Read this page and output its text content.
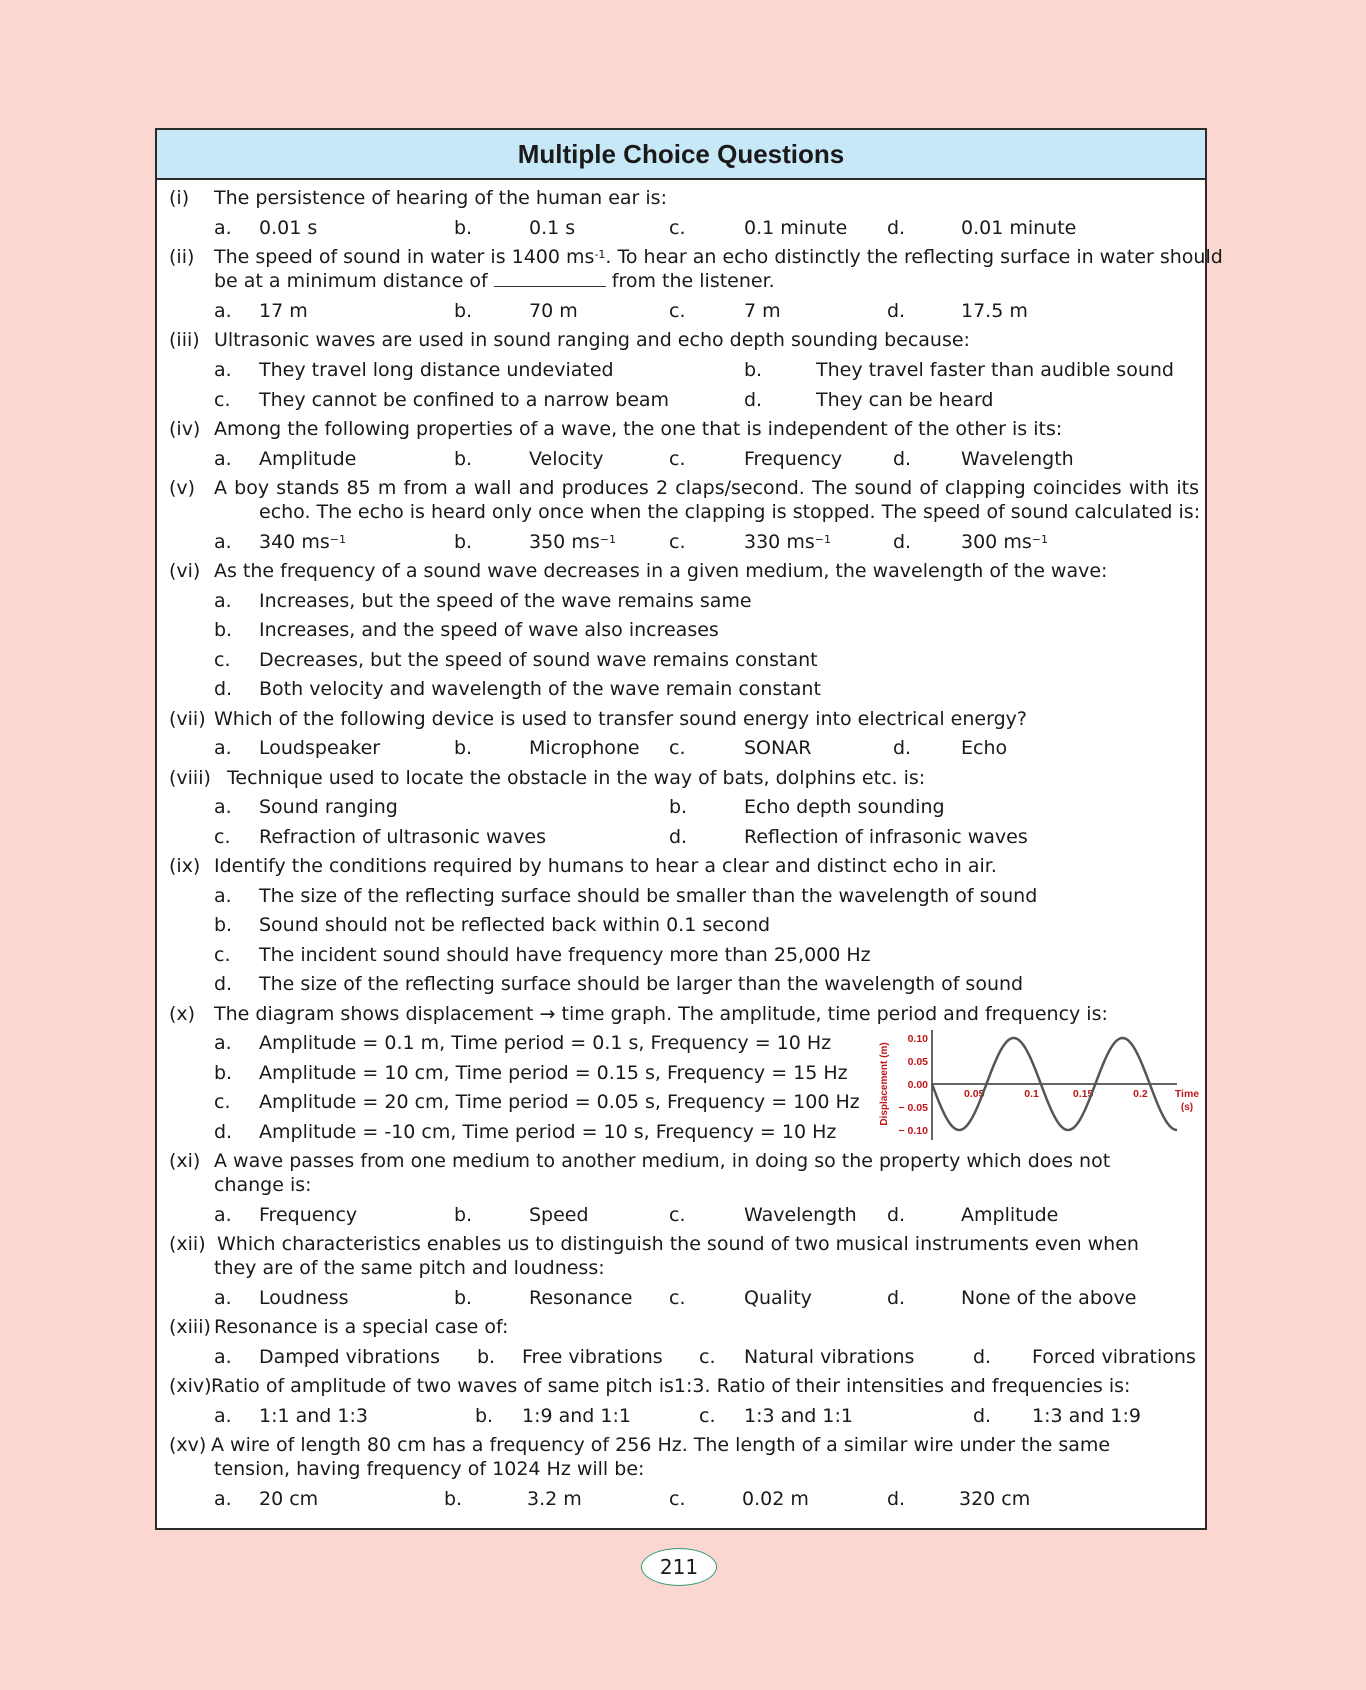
Multiple Choice Questions
(i) The persistence of hearing of the human ear is:
a. 0.01 s	b.	0.1 s	c.	0.1 minute d.	0.01 minute
(ii) The speed of sound in water is 1400 $ms^{-1}$. To hear an echo distinctly the reflecting surface in water should
be at a minimum distance of	from the listener.
a. 17 m	b.	70 m	c.	7 m	d.	17.5 m
(iii) Ultrasonic waves are used in sound ranging and echo depth sounding because:
a. They travel long distance undeviated	b.	They travel faster than audible sound
c. They cannot be confined to a narrow beam	d.	They can be heard
(iv) Among the following properties of a wave, the one that is independent of the other is its:
a. Amplitude	b.	Velocity	c.	Frequency	d.	Wavelength
(v) A boy stands 85 m from a wall and produces 2 claps/second. The sound of clapping coincides with its
echo. The echo is heard only once when the clapping is stopped. The speed of sound calculated is:
a. 340 $ms^{-1}$	b.	350 $ms^{-1}$	c.	330 $ms^{-1}$	d.	300 $ms^{-1}$
(vi) As the frequency of a sound wave decreases in a given medium, the wavelength of the wave:
a. Increases, but the speed of the wave remains same
b. Increases, and the speed of wave also increases
c. Decreases, but the speed of sound wave remains constant
d. Both velocity and wavelength of the wave remain constant
(vii) Which of the following device is used to transfer sound energy into electrical energy?
a. Loudspeaker	b.	Microphone c.	SONAR	d.	Echo
(viii) Technique used to locate the obstacle in the way of bats, dolphins etc. is:
a. Sound ranging	b.	Echo depth sounding
c. Refraction of ultrasonic waves	d.	Reflection of infrasonic waves
(ix) Identify the conditions required by humans to hear a clear and distinct echo in air.
a. The size of the reflecting surface should be smaller than the wavelength of sound
b. Sound should not be reflected back within 0.1 second
c. The incident sound should have frequency more than 25,000 Hz
d. The size of the reflecting surface should be larger than the wavelength of sound
(x) The diagram shows displacement → time graph. The amplitude, time period and frequency is:
a. Amplitude = 0.1 m, Time period = 0.1 s, Frequency = 10 Hz
b. Amplitude = 10 cm, Time period = 0.15 s, Frequency = 15 Hz
c. Amplitude = 20 cm, Time period = 0.05 s, Frequency = 100 Hz
d. Amplitude = -10 cm, Time period = 10 s, Frequency = 10 Hz
0.10
0.05
0.00
− 0.05
− 0.10
0.05	0.1	0.15	0.2	Time
(s)
Displacement (m)
(xi) A wave passes from one medium to another medium, in doing so the property which does not
change is:
a. Frequency	b.	Speed	c.	Wavelength d.	Amplitude
(xii) Which characteristics enables us to distinguish the sound of two musical instruments even when
they are of the same pitch and loudness:
a. Loudness	b.	Resonance c.	Quality	d.	None of the above
(xiii) Resonance is a special case of:
a. Damped vibrations b. Free vibrations c. Natural vibrations	d. Forced vibrations
(xiv) Ratio of amplitude of two waves of same pitch is1:3. Ratio of their intensities and frequencies is:
a. 1:1 and 1:3	b. 1:9 and 1:1	c. 1:3 and 1:1	d. 1:3 and 1:9
(xv) A wire of length 80 cm has a frequency of 256 Hz. The length of a similar wire under the same
tension, having frequency of 1024 Hz will be:
a. 20 cm	b.	3.2 m	c.	0.02 m	d.	320 cm
211
